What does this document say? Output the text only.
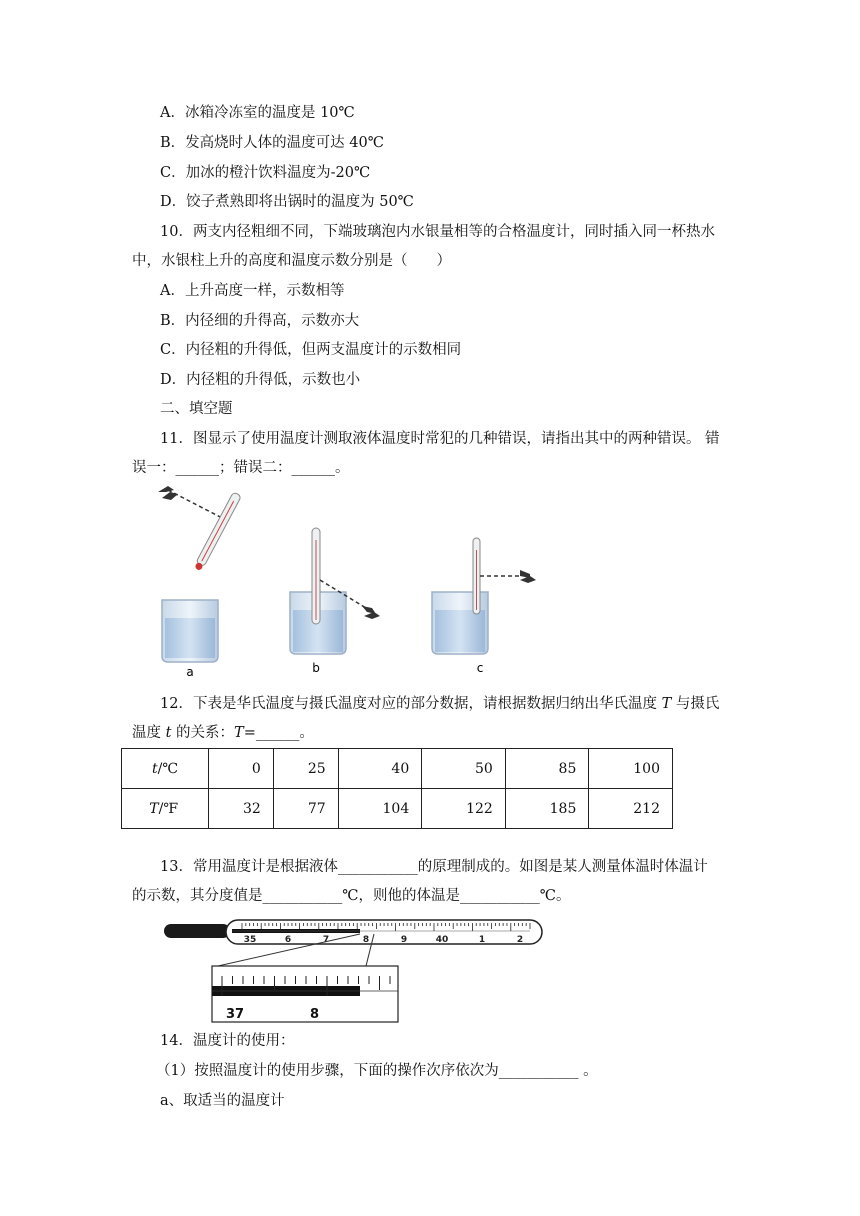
A．冰箱冷冻室的温度是 10℃
B．发高烧时人体的温度可达 40℃
C．加冰的橙汁饮料温度为-20℃
D．饺子煮熟即将出锅时的温度为 50℃
10．两支内径粗细不同，下端玻璃泡内水银量相等的合格温度计，同时插入同一杯热水
中，水银柱上升的高度和温度示数分别是（　　）
A．上升高度一样，示数相等
B．内径细的升得高，示数亦大
C．内径粗的升得低，但两支温度计的示数相同
D．内径粗的升得低，示数也小
二、填空题
11．图显示了使用温度计测取液体温度时常犯的几种错误，请指出其中的两种错误。 错
误一：______；错误二：______。
a	b	c
12．下表是华氏温度与摄氏温度对应的部分数据，请根据数据归纳出华氏温度 T 与摄氏
温度 t 的关系：T=______。
t/℃	0	25	40	50	85	100
T/℉	32	77	104	122	185	212
13．常用温度计是根据液体___________的原理制成的。如图是某人测量体温时体温计
的示数，其分度值是___________℃，则他的体温是___________℃。
35	6	7	8	9	40	1	2
37	8
14．温度计的使用：
（1）按照温度计的使用步骤，下面的操作次序依次为___________ 。
a、取适当的温度计
